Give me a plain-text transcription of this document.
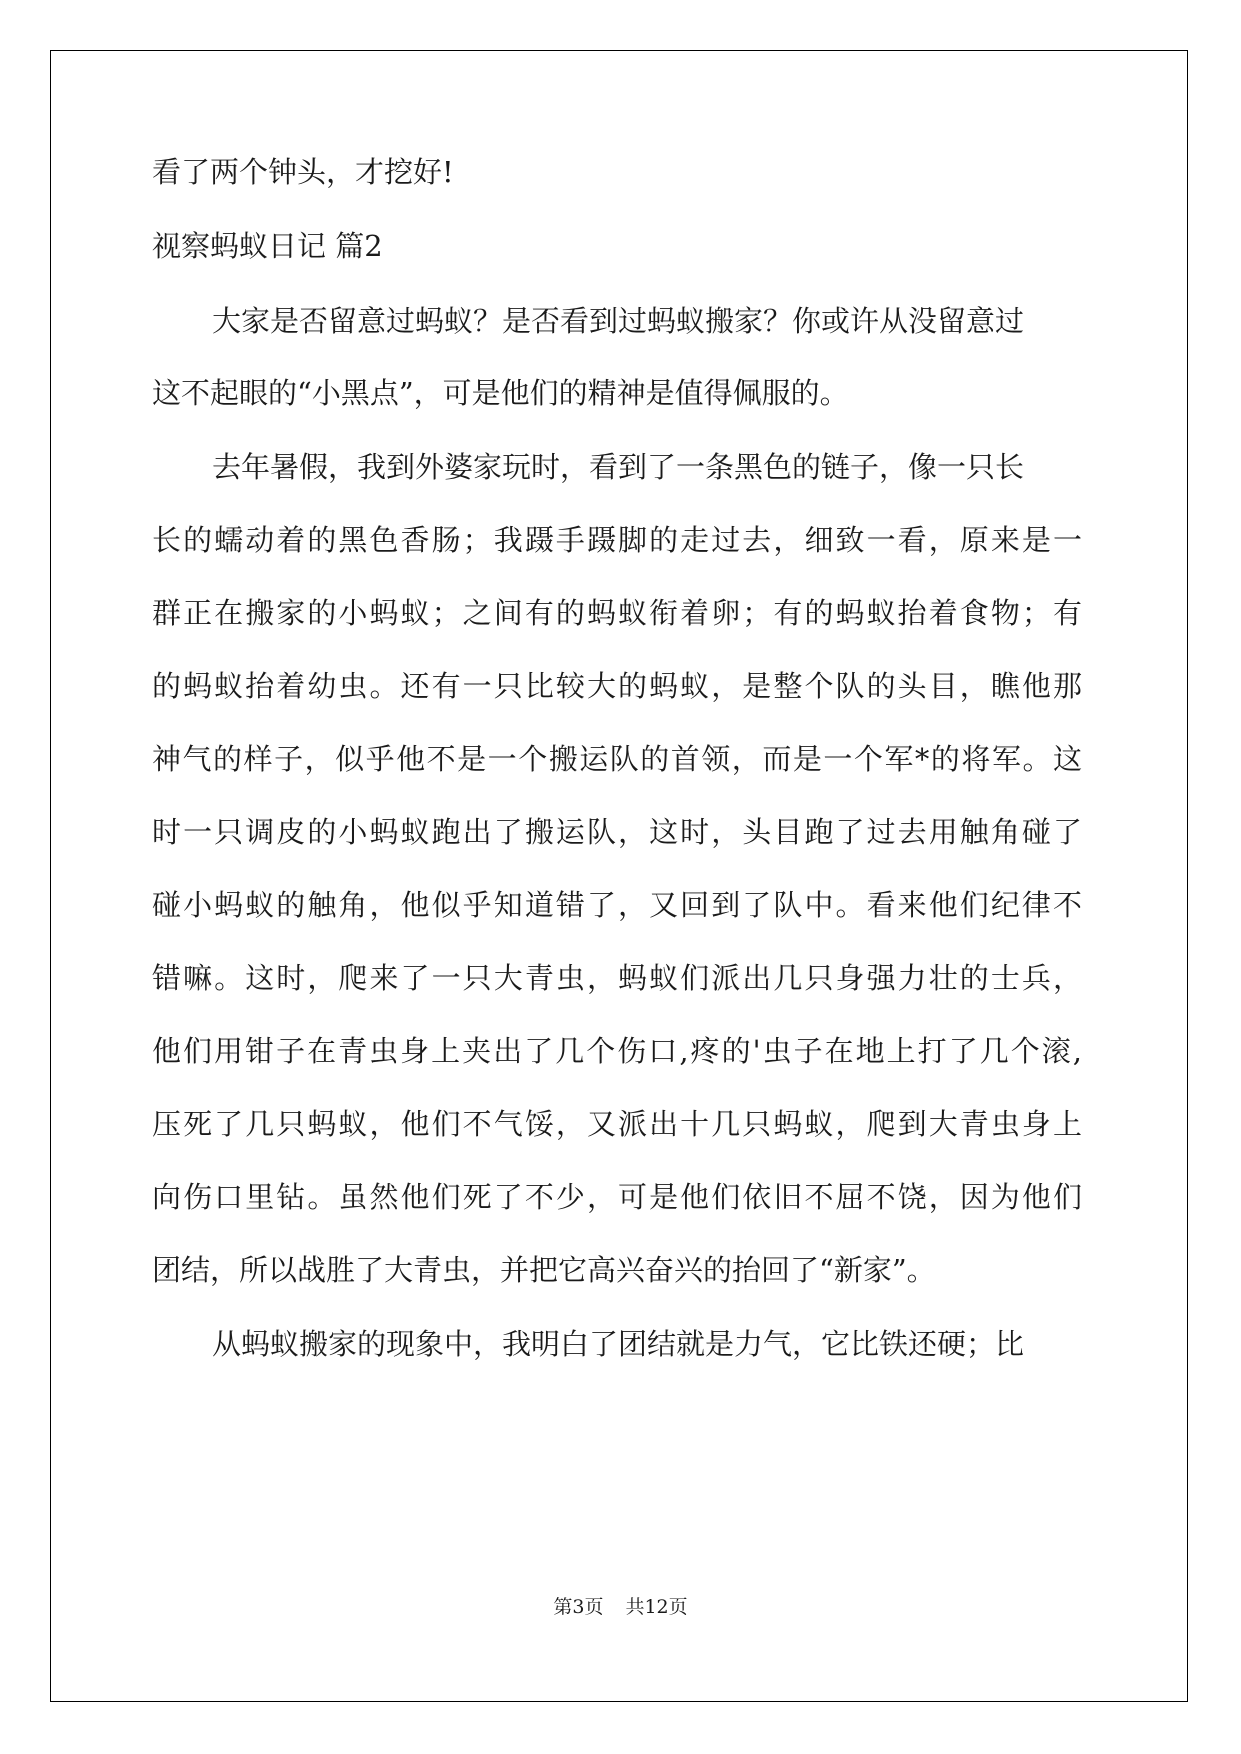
看了两个钟头，才挖好!

视察蚂蚁日记 篇2

大家是否留意过蚂蚁？是否看到过蚂蚁搬家？你或许从没留意过

这不起眼的“小黑点”，可是他们的精神是值得佩服的。

去年暑假，我到外婆家玩时，看到了一条黑色的链子，像一只长

长的蠕动着的黑色香肠；我蹑手蹑脚的走过去，细致一看，原来是一

群正在搬家的小蚂蚁；之间有的蚂蚁衔着卵；有的蚂蚁抬着食物；有

的蚂蚁抬着幼虫。还有一只比较大的蚂蚁，是整个队的头目，瞧他那

神气的样子，似乎他不是一个搬运队的首领，而是一个军*的将军。这

时一只调皮的小蚂蚁跑出了搬运队，这时，头目跑了过去用触角碰了

碰小蚂蚁的触角，他似乎知道错了，又回到了队中。看来他们纪律不

错嘛。这时，爬来了一只大青虫，蚂蚁们派出几只身强力壮的士兵，

他们用钳子在青虫身上夹出了几个伤口,疼的'虫子在地上打了几个滚,

压死了几只蚂蚁，他们不气馁，又派出十几只蚂蚁，爬到大青虫身上

向伤口里钻。虽然他们死了不少，可是他们依旧不屈不饶，因为他们

团结，所以战胜了大青虫，并把它高兴奋兴的抬回了“新家”。

从蚂蚁搬家的现象中，我明白了团结就是力气，它比铁还硬；比

第3页 共12页
